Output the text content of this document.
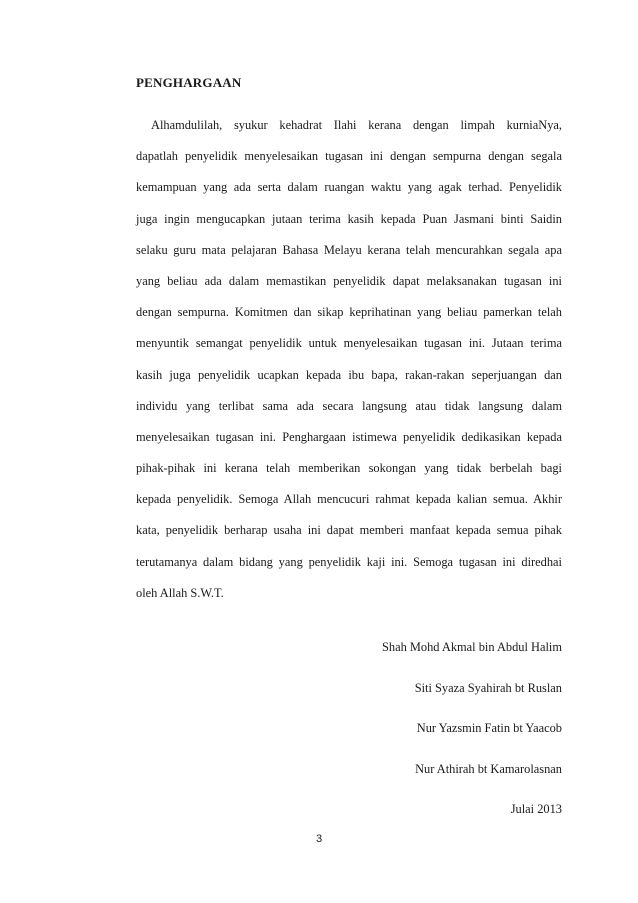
PENGHARGAAN
Alhamdulilah, syukur kehadrat Ilahi kerana dengan limpah kurniaNya,
dapatlah penyelidik menyelesaikan tugasan ini dengan sempurna dengan segala
kemampuan yang ada serta dalam ruangan waktu yang agak terhad. Penyelidik
juga ingin mengucapkan jutaan terima kasih kepada Puan Jasmani binti Saidin
selaku guru mata pelajaran Bahasa Melayu kerana telah mencurahkan segala apa
yang beliau ada dalam memastikan penyelidik dapat melaksanakan tugasan ini
dengan sempurna. Komitmen dan sikap keprihatinan yang beliau pamerkan telah
menyuntik semangat penyelidik untuk menyelesaikan tugasan ini. Jutaan terima
kasih juga penyelidik ucapkan kepada ibu bapa, rakan-rakan seperjuangan dan
individu yang terlibat sama ada secara langsung atau tidak langsung dalam
menyelesaikan tugasan ini. Penghargaan istimewa penyelidik dedikasikan kepada
pihak-pihak ini kerana telah memberikan sokongan yang tidak berbelah bagi
kepada penyelidik. Semoga Allah mencucuri rahmat kepada kalian semua. Akhir
kata, penyelidik berharap usaha ini dapat memberi manfaat kepada semua pihak
terutamanya dalam bidang yang penyelidik kaji ini. Semoga tugasan ini diredhai
oleh Allah S.W.T.
Shah Mohd Akmal bin Abdul Halim
Siti Syaza Syahirah bt Ruslan
Nur Yazsmin Fatin bt Yaacob
Nur Athirah bt Kamarolasnan
Julai 2013
3
